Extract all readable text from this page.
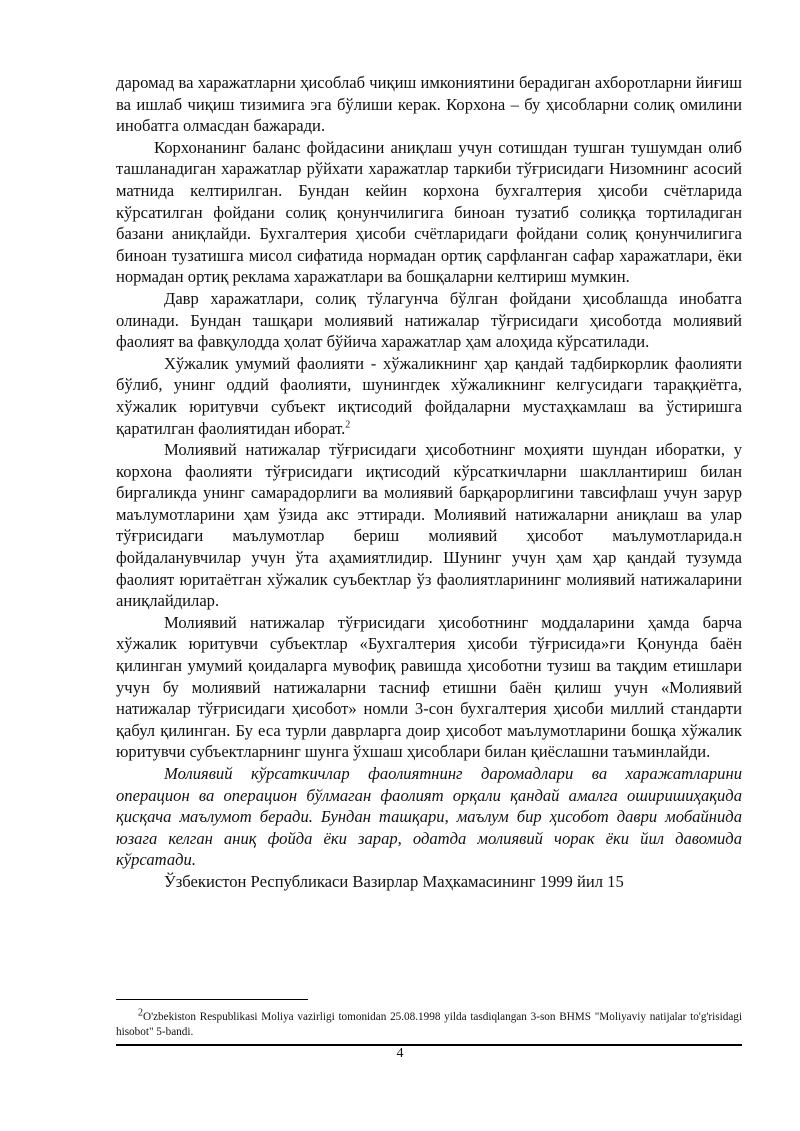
даромад ва харажатларни ҳисоблаб чиқиш имкониятини берадиган ахборотларни йиғиш ва ишлаб чиқиш тизимига эга бўлиши керак. Корхона – бу ҳисобларни солиқ омилини инобатга олмасдан бажаради.

Корхонанинг баланс фойдасини аниқлаш учун сотишдан тушган тушумдан олиб ташланадиган харажатлар рўйхати харажатлар таркиби тўғрисидаги Низомнинг асосий матнида келтирилган. Бундан кейин корхона бухгалтерия ҳисоби счётларида кўрсатилган фойдани солиқ қонунчилигига биноан тузатиб солиққа тортиладиган базани аниқлайди. Бухгалтерия ҳисоби счётларидаги фойдани солиқ қонунчилигига биноан тузатишга мисол сифатида нормадан ортиқ сарфланган сафар харажатлари, ёки нормадан ортиқ реклама харажатлари ва бошқаларни келтириш мумкин.

Давр харажатлари, солиқ тўлагунча бўлган фойдани ҳисоблашда инобатга олинади. Бундан ташқари молиявий натижалар тўғрисидаги ҳисоботда молиявий фаолият ва фавқулодда ҳолат бўйича харажатлар ҳам алоҳида кўрсатилади.

Хўжалик умумий фаолияти - хўжаликнинг ҳар қандай тадбиркорлик фаолияти бўлиб, унинг оддий фаолияти, шунингдек хўжаликнинг келгусидаги тараққиётга, хўжалик юритувчи субъект иқтисодий фойдаларни мустаҳкамлаш ва ўстиришга қаратилган фаолиятидан иборат.$^2$

Молиявий натижалар тўғрисидаги ҳисоботнинг моҳияти шундан иборатки, у корхона фаолияти тўғрисидаги иқтисодий кўрсаткичларни шакллантириш билан биргаликда унинг самарадорлиги ва молиявий барқарорлигини тавсифлаш учун зарур маълумотларини ҳам ўзида акс эттиради. Молиявий натижаларни аниқлаш ва улар тўғрисидаги маълумотлар бериш молиявий ҳисобот маълумотларида.н фойдаланувчилар учун ўта аҳамиятлидир. Шунинг учун ҳам ҳар қандай тузумда фаолият юритаётган хўжалик суъбектлар ўз фаолиятларининг молиявий натижаларини аниқлайдилар.

Молиявий натижалар тўғрисидаги ҳисоботнинг моддаларини ҳамда барча хўжалик юритувчи субъектлар «Бухгалтерия ҳисоби тўғрисида»ги Қонунда баён қилинган умумий қоидаларга мувофиқ равишда ҳисоботни тузиш ва тақдим етишлари учун бу молиявий натижаларни тасниф етишни баён қилиш учун «Молиявий натижалар тўғрисидаги ҳисобот» номли 3-сон бухгалтерия ҳисоби миллий стандарти қабул қилинган. Бу еса турли даврларга доир ҳисобот маълумотларини бошқа хўжалик юритувчи субъектларнинг шунга ўхшаш ҳисоблари билан қиёслашни таъминлайди.

Молиявий кўрсаткичлар фаолиятнинг даромадлари ва харажатларини операцион ва операцион бўлмаган фаолият орқали қандай амалга оширишиҳақида қисқача маълумот беради. Бундан ташқари, маълум бир ҳисобот даври мобайнида юзага келган аниқ фойда ёки зарар, одатда молиявий чорак ёки йил давомида кўрсатади.

Ўзбекистон Республикаси Вазирлар Маҳкамасининг 1999 йил 15

$^2$O'zbekiston Respublikasi Moliya vazirligi tomonidan 25.08.1998 yilda tasdiqlangan 3-son BHMS "Moliyaviy natijalar to'g'risidagi hisobot" 5-bandi.

4
